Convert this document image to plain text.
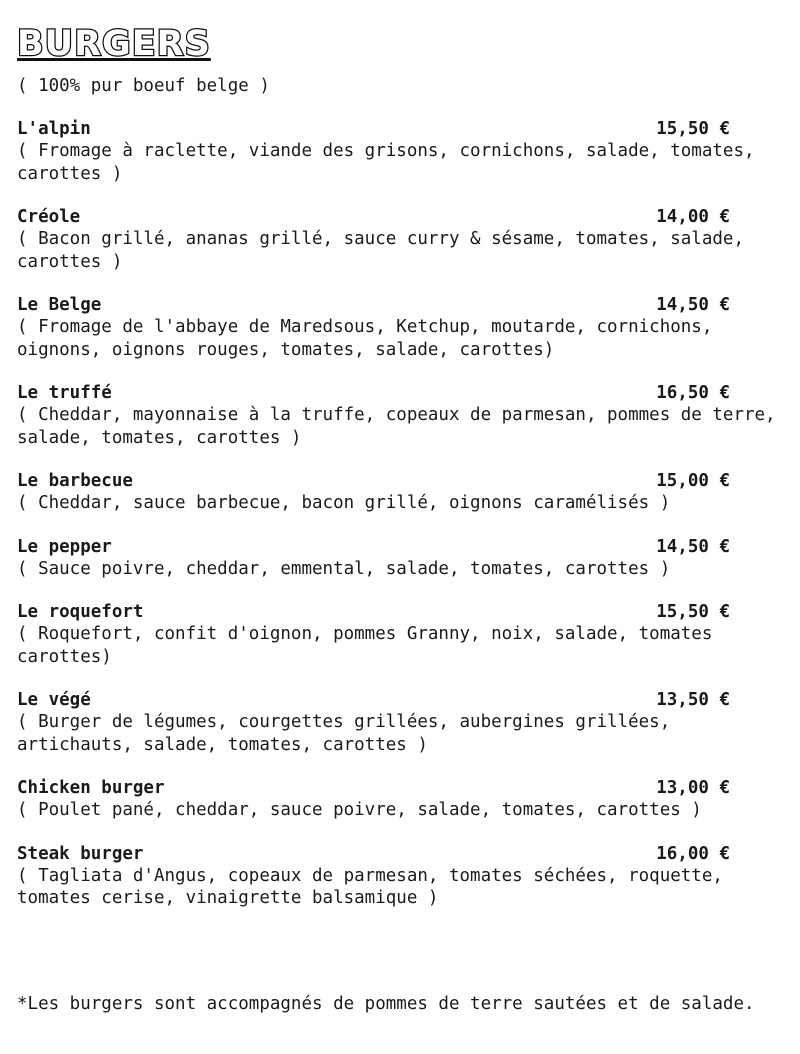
BURGERS
( 100% pur boeuf belge )
L'alpin	15,50 €
( Fromage à raclette, viande des grisons, cornichons, salade, tomates, carottes )
Créole	14,00 €
( Bacon grillé, ananas grillé, sauce curry & sésame, tomates, salade, carottes )
Le Belge	14,50 €
( Fromage de l'abbaye de Maredsous, Ketchup, moutarde, cornichons, oignons, oignons rouges, tomates, salade, carottes)
Le truffé	16,50 €
( Cheddar, mayonnaise à la truffe, copeaux de parmesan, pommes de terre, salade, tomates, carottes )
Le barbecue	15,00 €
( Cheddar, sauce barbecue, bacon grillé, oignons caramélisés )
Le pepper	14,50 €
( Sauce poivre, cheddar, emmental, salade, tomates, carottes )
Le roquefort	15,50 €
( Roquefort, confit d'oignon, pommes Granny, noix, salade, tomates carottes)
Le végé	13,50 €
( Burger de légumes, courgettes grillées, aubergines grillées, artichauts, salade, tomates, carottes )
Chicken burger	13,00 €
( Poulet pané, cheddar, sauce poivre, salade, tomates, carottes )
Steak burger	16,00 €
( Tagliata d'Angus, copeaux de parmesan, tomates séchées, roquette, tomates cerise, vinaigrette balsamique )
*Les burgers sont accompagnés de pommes de terre sautées et de salade.
